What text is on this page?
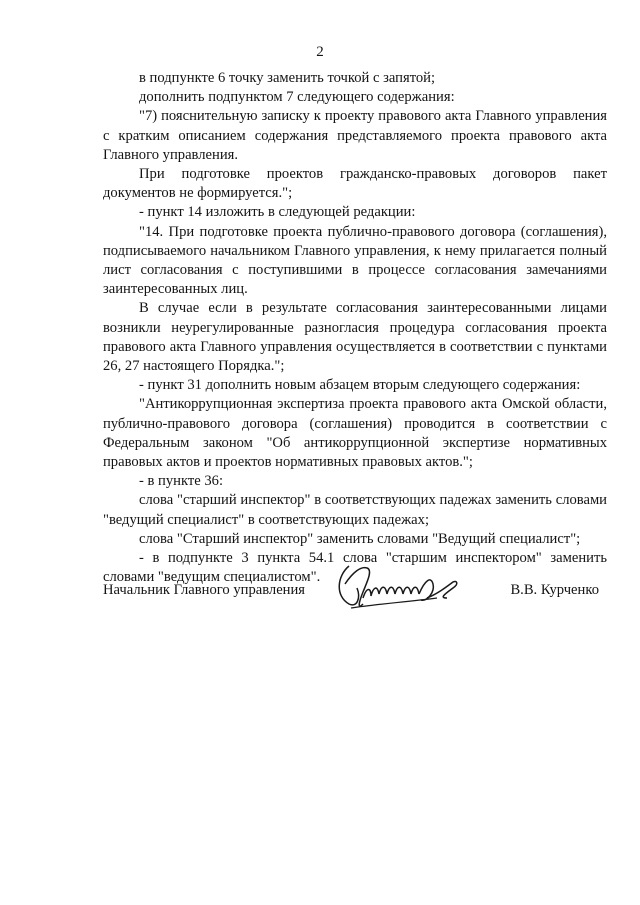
2

в подпункте 6 точку заменить точкой с запятой;

дополнить подпунктом 7 следующего содержания:

"7) пояснительную записку к проекту правового акта Главного управления с кратким описанием содержания представляемого проекта правового акта Главного управления.

При подготовке проектов гражданско-правовых договоров пакет документов не формируется.";

- пункт 14 изложить в следующей редакции:

"14. При подготовке проекта публично-правового договора (соглашения), подписываемого начальником Главного управления, к нему прилагается полный лист согласования с поступившими в процессе согласования замечаниями заинтересованных лиц.

В случае если в результате согласования заинтересованными лицами возникли неурегулированные разногласия процедура согласования проекта правового акта Главного управления осуществляется в соответствии с пунктами 26, 27 настоящего Порядка.";

- пункт 31 дополнить новым абзацем вторым следующего содержания:

"Антикоррупционная экспертиза проекта правового акта Омской области, публично-правового договора (соглашения) проводится в соответствии с Федеральным законом "Об антикоррупционной экспертизе нормативных правовых актов и проектов нормативных правовых актов.";

- в пункте 36:

слова "старший инспектор" в соответствующих падежах заменить словами "ведущий специалист" в соответствующих падежах;

слова "Старший инспектор" заменить словами "Ведущий специалист";

- в подпункте 3 пункта 54.1 слова "старшим инспектором" заменить словами "ведущим специалистом".

Начальник Главного управления	В.В. Курченко
